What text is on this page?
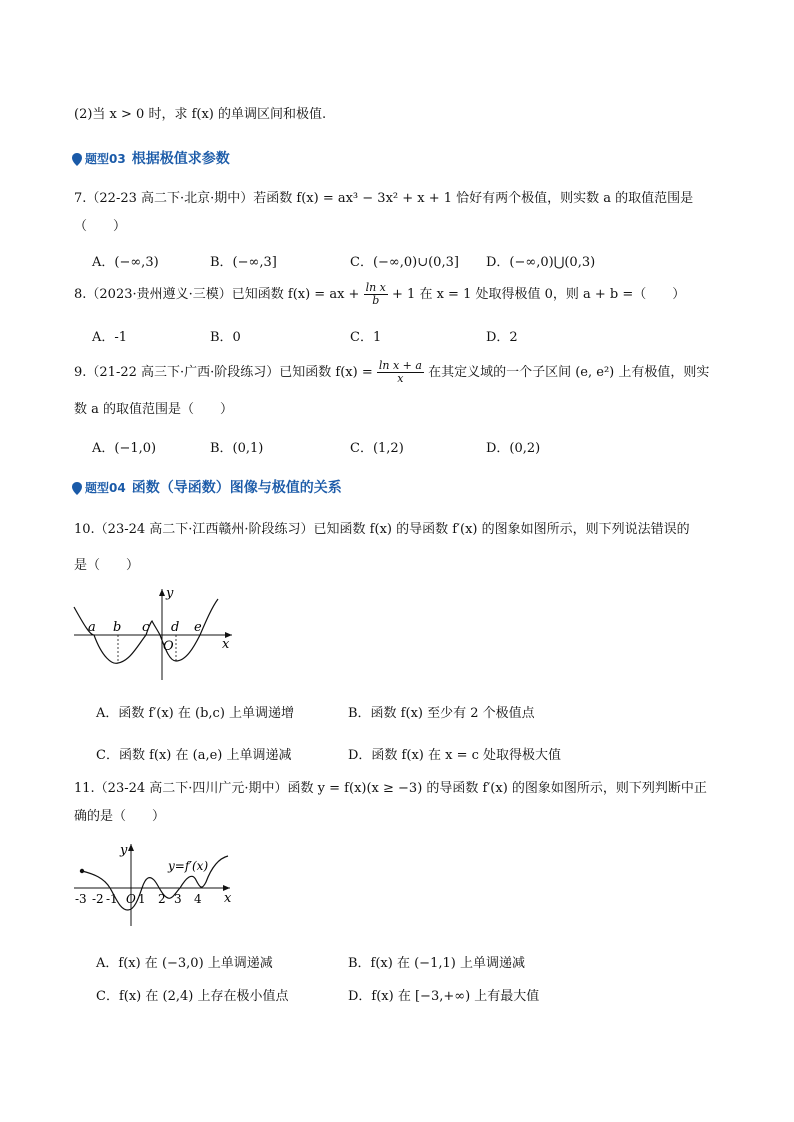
(2)当 x > 0 时，求 f(x) 的单调区间和极值.
题型03 根据极值求参数
7.（22-23 高二下·北京·期中）若函数 f(x) = ax³ − 3x² + x + 1 恰好有两个极值，则实数 a 的取值范围是
（　　）
A．(−∞,3)	B．(−∞,3]	C．(−∞,0)∪(0,3] D．(−∞,0)⋃(0,3)
8.（2023·贵州遵义·三模）已知函数 f(x) = ax + $\frac{\text{ln x}}{b} + 1$ 在 x = 1 处取得极值 0，则 a + b =（　　）
A．-1	B．0	C．1	D．2
9.（21-22 高三下·广西·阶段练习）已知函数 $f(x) = \frac{\text{ln x + a}}{x}$ 在其定义域的一个子区间 (e, e²) 上有极值，则实
数 a 的取值范围是（　　）
A．(−1,0)	B．(0,1)	C．(1,2)	D．(0,2)
题型04 函数（导函数）图像与极值的关系
10.（23-24 高二下·江西赣州·阶段练习）已知函数 f(x) 的导函数 f′(x) 的图象如图所示，则下列说法错误的
是（　　）
y
x
a b c d e
O
A．函数 f′(x) 在 (b,c) 上单调递增	B．函数 f(x) 至少有 2 个极值点
C．函数 f(x) 在 (a,e) 上单调递减	D．函数 f(x) 在 x = c 处取得极大值
11.（23-24 高二下·四川广元·期中）函数 y = f(x)(x ≥ −3) 的导函数 f′(x) 的图象如图所示，则下列判断中正
确的是（　　）
y
x
y=f′(x)
-3 -2 -1 O 1 2 3 4
A．f(x) 在 (−3,0) 上单调递减	B．f(x) 在 (−1,1) 上单调递减
C．f(x) 在 (2,4) 上存在极小值点	D．f(x) 在 [−3,+∞) 上有最大值
